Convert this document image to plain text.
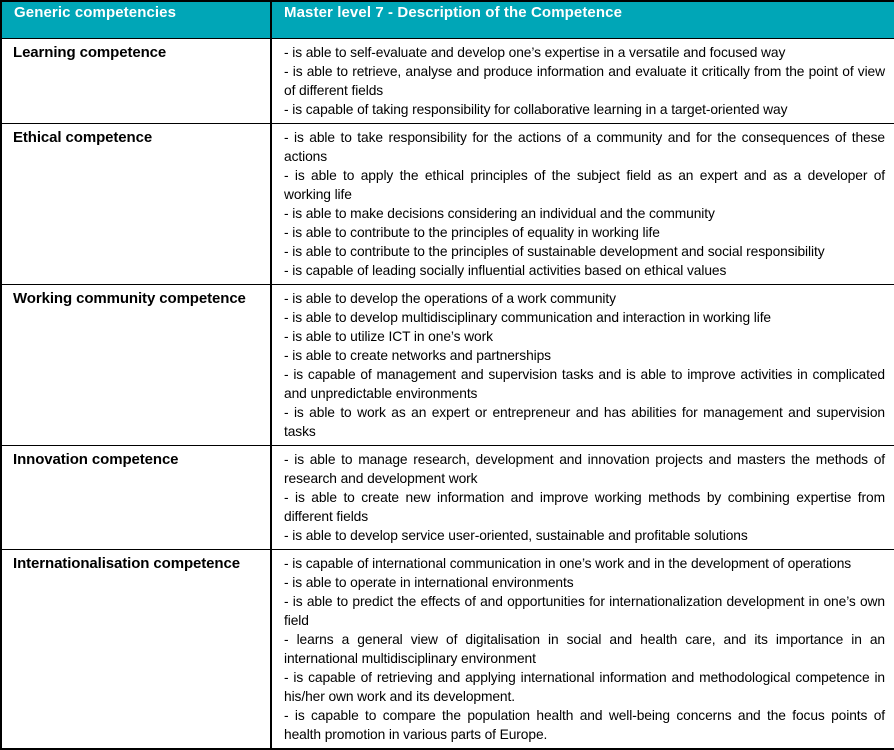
Generic competencies	Master level 7 - Description of the Competence
Learning competence	- is able to self-evaluate and develop one’s expertise in a versatile and focused way
- is able to retrieve, analyse and produce information and evaluate it critically from the point of view of different fields
- is capable of taking responsibility for collaborative learning in a target-oriented way

Ethical competence	- is able to take responsibility for the actions of a community and for the consequences of these actions
- is able to apply the ethical principles of the subject field as an expert and as a developer of working life
- is able to make decisions considering an individual and the community
- is able to contribute to the principles of equality in working life
- is able to contribute to the principles of sustainable development and social responsibility
- is capable of leading socially influential activities based on ethical values

Working community competence	- is able to develop the operations of a work community
- is able to develop multidisciplinary communication and interaction in working life
- is able to utilize ICT in one’s work
- is able to create networks and partnerships
- is capable of management and supervision tasks and is able to improve activities in complicated and unpredictable environments
- is able to work as an expert or entrepreneur and has abilities for management and supervision tasks

Innovation competence	- is able to manage research, development and innovation projects and masters the methods of research and development work
- is able to create new information and improve working methods by combining expertise from different fields
- is able to develop service user-oriented, sustainable and profitable solutions

Internationalisation competence	- is capable of international communication in one’s work and in the development of operations
- is able to operate in international environments
- is able to predict the effects of and opportunities for internationalization development in one’s own field
- learns a general view of digitalisation in social and health care, and its importance in an international multidisciplinary environment
- is capable of retrieving and applying international information and methodological competence in his/her own work and its development.
- is capable to compare the population health and well-being concerns and the focus points of health promotion in various parts of Europe.
